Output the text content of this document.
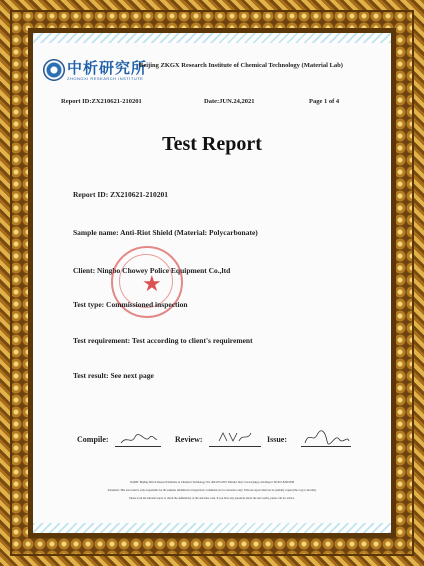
中析研究所
ZHONGXI RESEARCH INSTITUTE
Beijing ZKGX Research Institute of Chemical Technology (Material Lab)
Report ID:ZX210621-210201	Date:JUN.24,2021	Page 1 of 4
Test Report
Report ID: ZX210621-210201
Sample name: Anti-Riot Shield (Material: Polycarbonate)
Client: Ningbo Chowey Police Equipment Co.,ltd
★
Test type: Commissioned inspection
Test requirement: Test according to client's requirement
Test result: See next page
Compile:	Review:	Issue:
NAME: Beijing ZKGX Research Institute of Chemical Technology Tel: 400-635-0567 Website: http://www.bjzkyq.com Report Tel:010-82491398
Statement: This test result is only responsible for the samples submitted for inspection; Comments are for reference only; This test report shall not be partially copied (the copy is invalid).
Please scan the national report to check the authenticity of the anti-fake code. If you have any questions about the test results, please call for advice.
